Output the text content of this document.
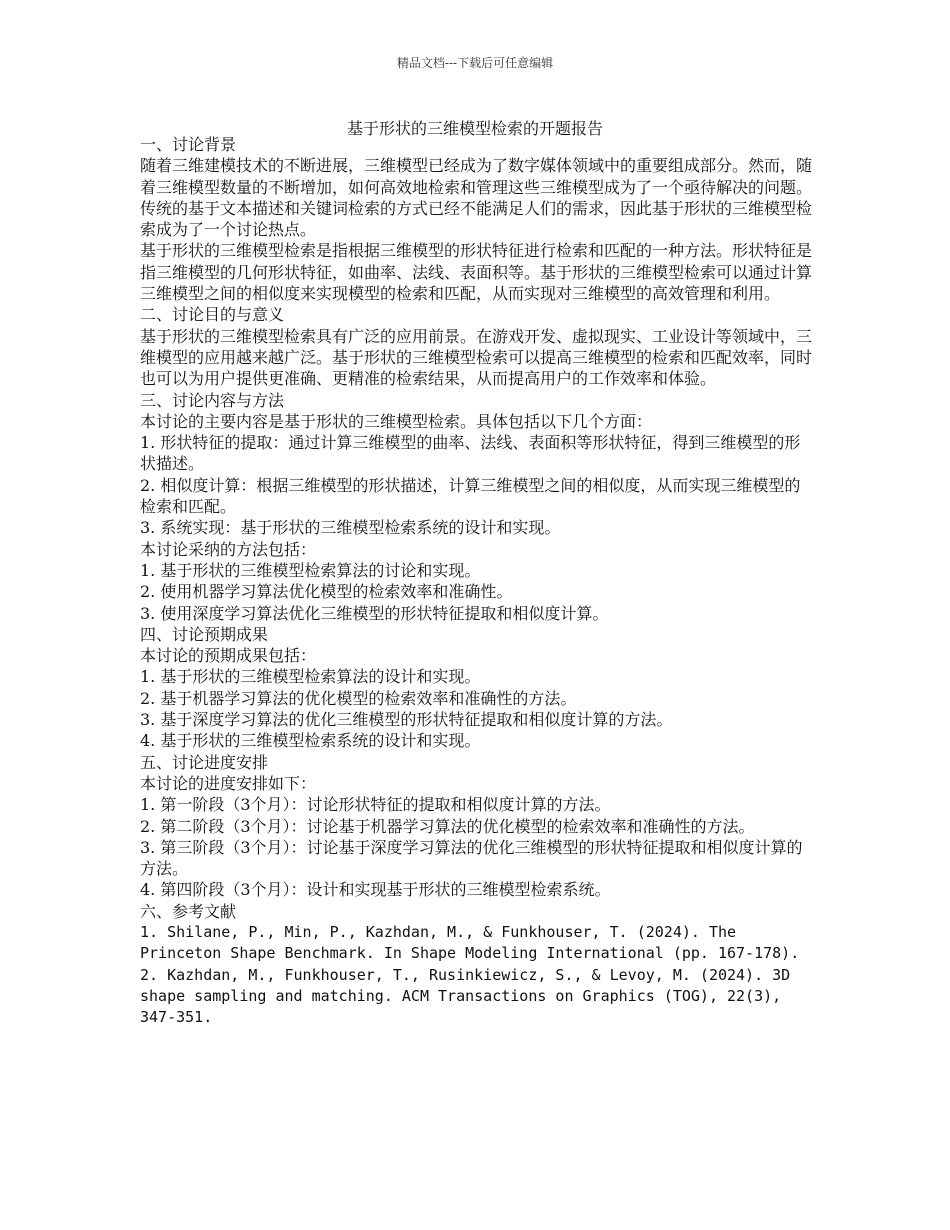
精品文档---下载后可任意编辑
基于形状的三维模型检索的开题报告
一、讨论背景
随着三维建模技术的不断进展，三维模型已经成为了数字媒体领域中的重要组成部分。然而，随着三维模型数量的不断增加，如何高效地检索和管理这些三维模型成为了一个亟待解决的问题。传统的基于文本描述和关键词检索的方式已经不能满足人们的需求，因此基于形状的三维模型检索成为了一个讨论热点。
基于形状的三维模型检索是指根据三维模型的形状特征进行检索和匹配的一种方法。形状特征是指三维模型的几何形状特征，如曲率、法线、表面积等。基于形状的三维模型检索可以通过计算三维模型之间的相似度来实现模型的检索和匹配，从而实现对三维模型的高效管理和利用。
二、讨论目的与意义
基于形状的三维模型检索具有广泛的应用前景。在游戏开发、虚拟现实、工业设计等领域中，三维模型的应用越来越广泛。基于形状的三维模型检索可以提高三维模型的检索和匹配效率，同时也可以为用户提供更准确、更精准的检索结果，从而提高用户的工作效率和体验。
三、讨论内容与方法
本讨论的主要内容是基于形状的三维模型检索。具体包括以下几个方面：
1. 形状特征的提取：通过计算三维模型的曲率、法线、表面积等形状特征，得到三维模型的形状描述。
2. 相似度计算：根据三维模型的形状描述，计算三维模型之间的相似度，从而实现三维模型的检索和匹配。
3. 系统实现：基于形状的三维模型检索系统的设计和实现。
本讨论采纳的方法包括：
1. 基于形状的三维模型检索算法的讨论和实现。
2. 使用机器学习算法优化模型的检索效率和准确性。
3. 使用深度学习算法优化三维模型的形状特征提取和相似度计算。
四、讨论预期成果
本讨论的预期成果包括：
1. 基于形状的三维模型检索算法的设计和实现。
2. 基于机器学习算法的优化模型的检索效率和准确性的方法。
3. 基于深度学习算法的优化三维模型的形状特征提取和相似度计算的方法。
4. 基于形状的三维模型检索系统的设计和实现。
五、讨论进度安排
本讨论的进度安排如下：
1. 第一阶段（3个月）：讨论形状特征的提取和相似度计算的方法。
2. 第二阶段（3个月）：讨论基于机器学习算法的优化模型的检索效率和准确性的方法。
3. 第三阶段（3个月）：讨论基于深度学习算法的优化三维模型的形状特征提取和相似度计算的方法。
4. 第四阶段（3个月）：设计和实现基于形状的三维模型检索系统。
六、参考文献
1. Shilane, P., Min, P., Kazhdan, M., & Funkhouser, T. (2024). The Princeton Shape Benchmark. In Shape Modeling International (pp. 167-178).
2. Kazhdan, M., Funkhouser, T., Rusinkiewicz, S., & Levoy, M. (2024). 3D shape sampling and matching. ACM Transactions on Graphics (TOG), 22(3), 347-351.
